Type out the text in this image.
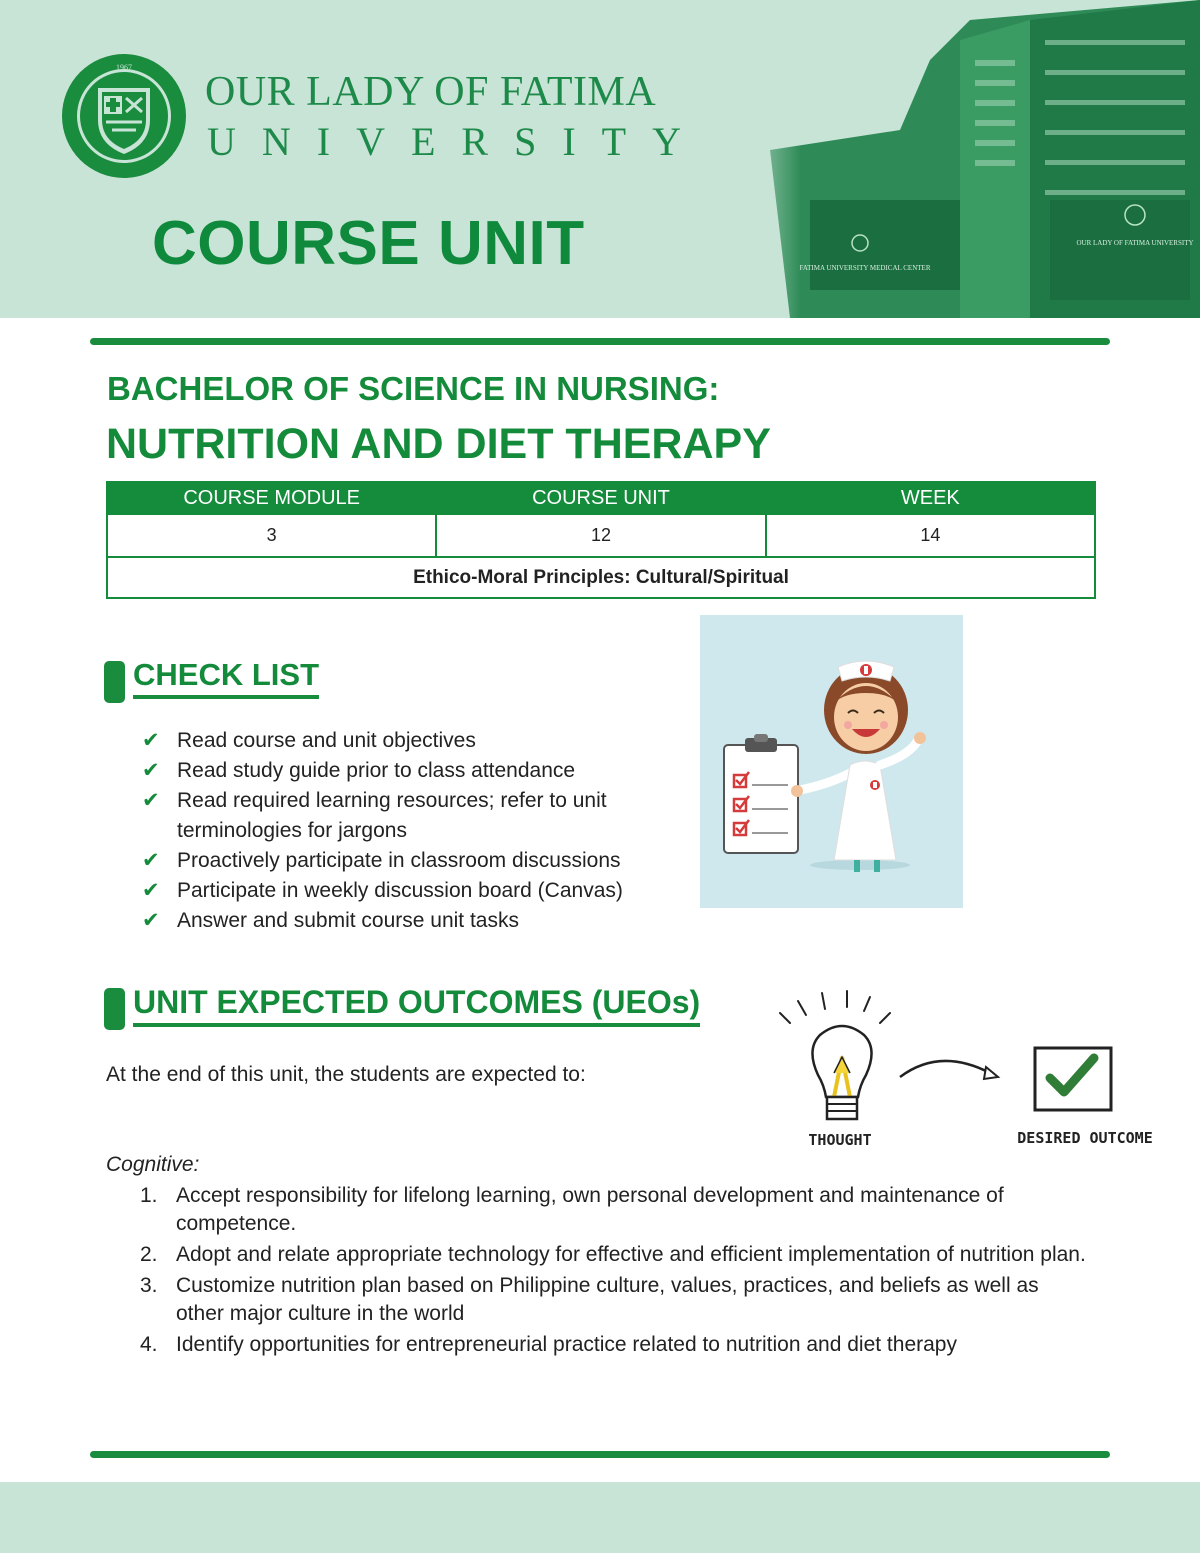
1967
OUR LADY OF FATIMA
UNIVERSITY
COURSE UNIT
BACHELOR OF SCIENCE IN NURSING:
NUTRITION AND DIET THERAPY
COURSE MODULE	COURSE UNIT	WEEK
3	12	14
Ethico-Moral Principles: Cultural/Spiritual		
CHECK LIST
✔ Read course and unit objectives
✔ Read study guide prior to class attendance
✔ Read required learning resources; refer to unit terminologies for jargons
✔ Proactively participate in classroom discussions
✔ Participate in weekly discussion board (Canvas)
✔ Answer and submit course unit tasks
UNIT EXPECTED OUTCOMES (UEOs)
THOUGHT	DESIRED OUTCOME
At the end of this unit, the students are expected to:
Cognitive:
1. Accept responsibility for lifelong learning, own personal development and maintenance of competence.
2. Adopt and relate appropriate technology for effective and efficient implementation of nutrition plan.
3. Customize nutrition plan based on Philippine culture, values, practices, and beliefs as well as other major culture in the world
4. Identify opportunities for entrepreneurial practice related to nutrition and diet therapy
